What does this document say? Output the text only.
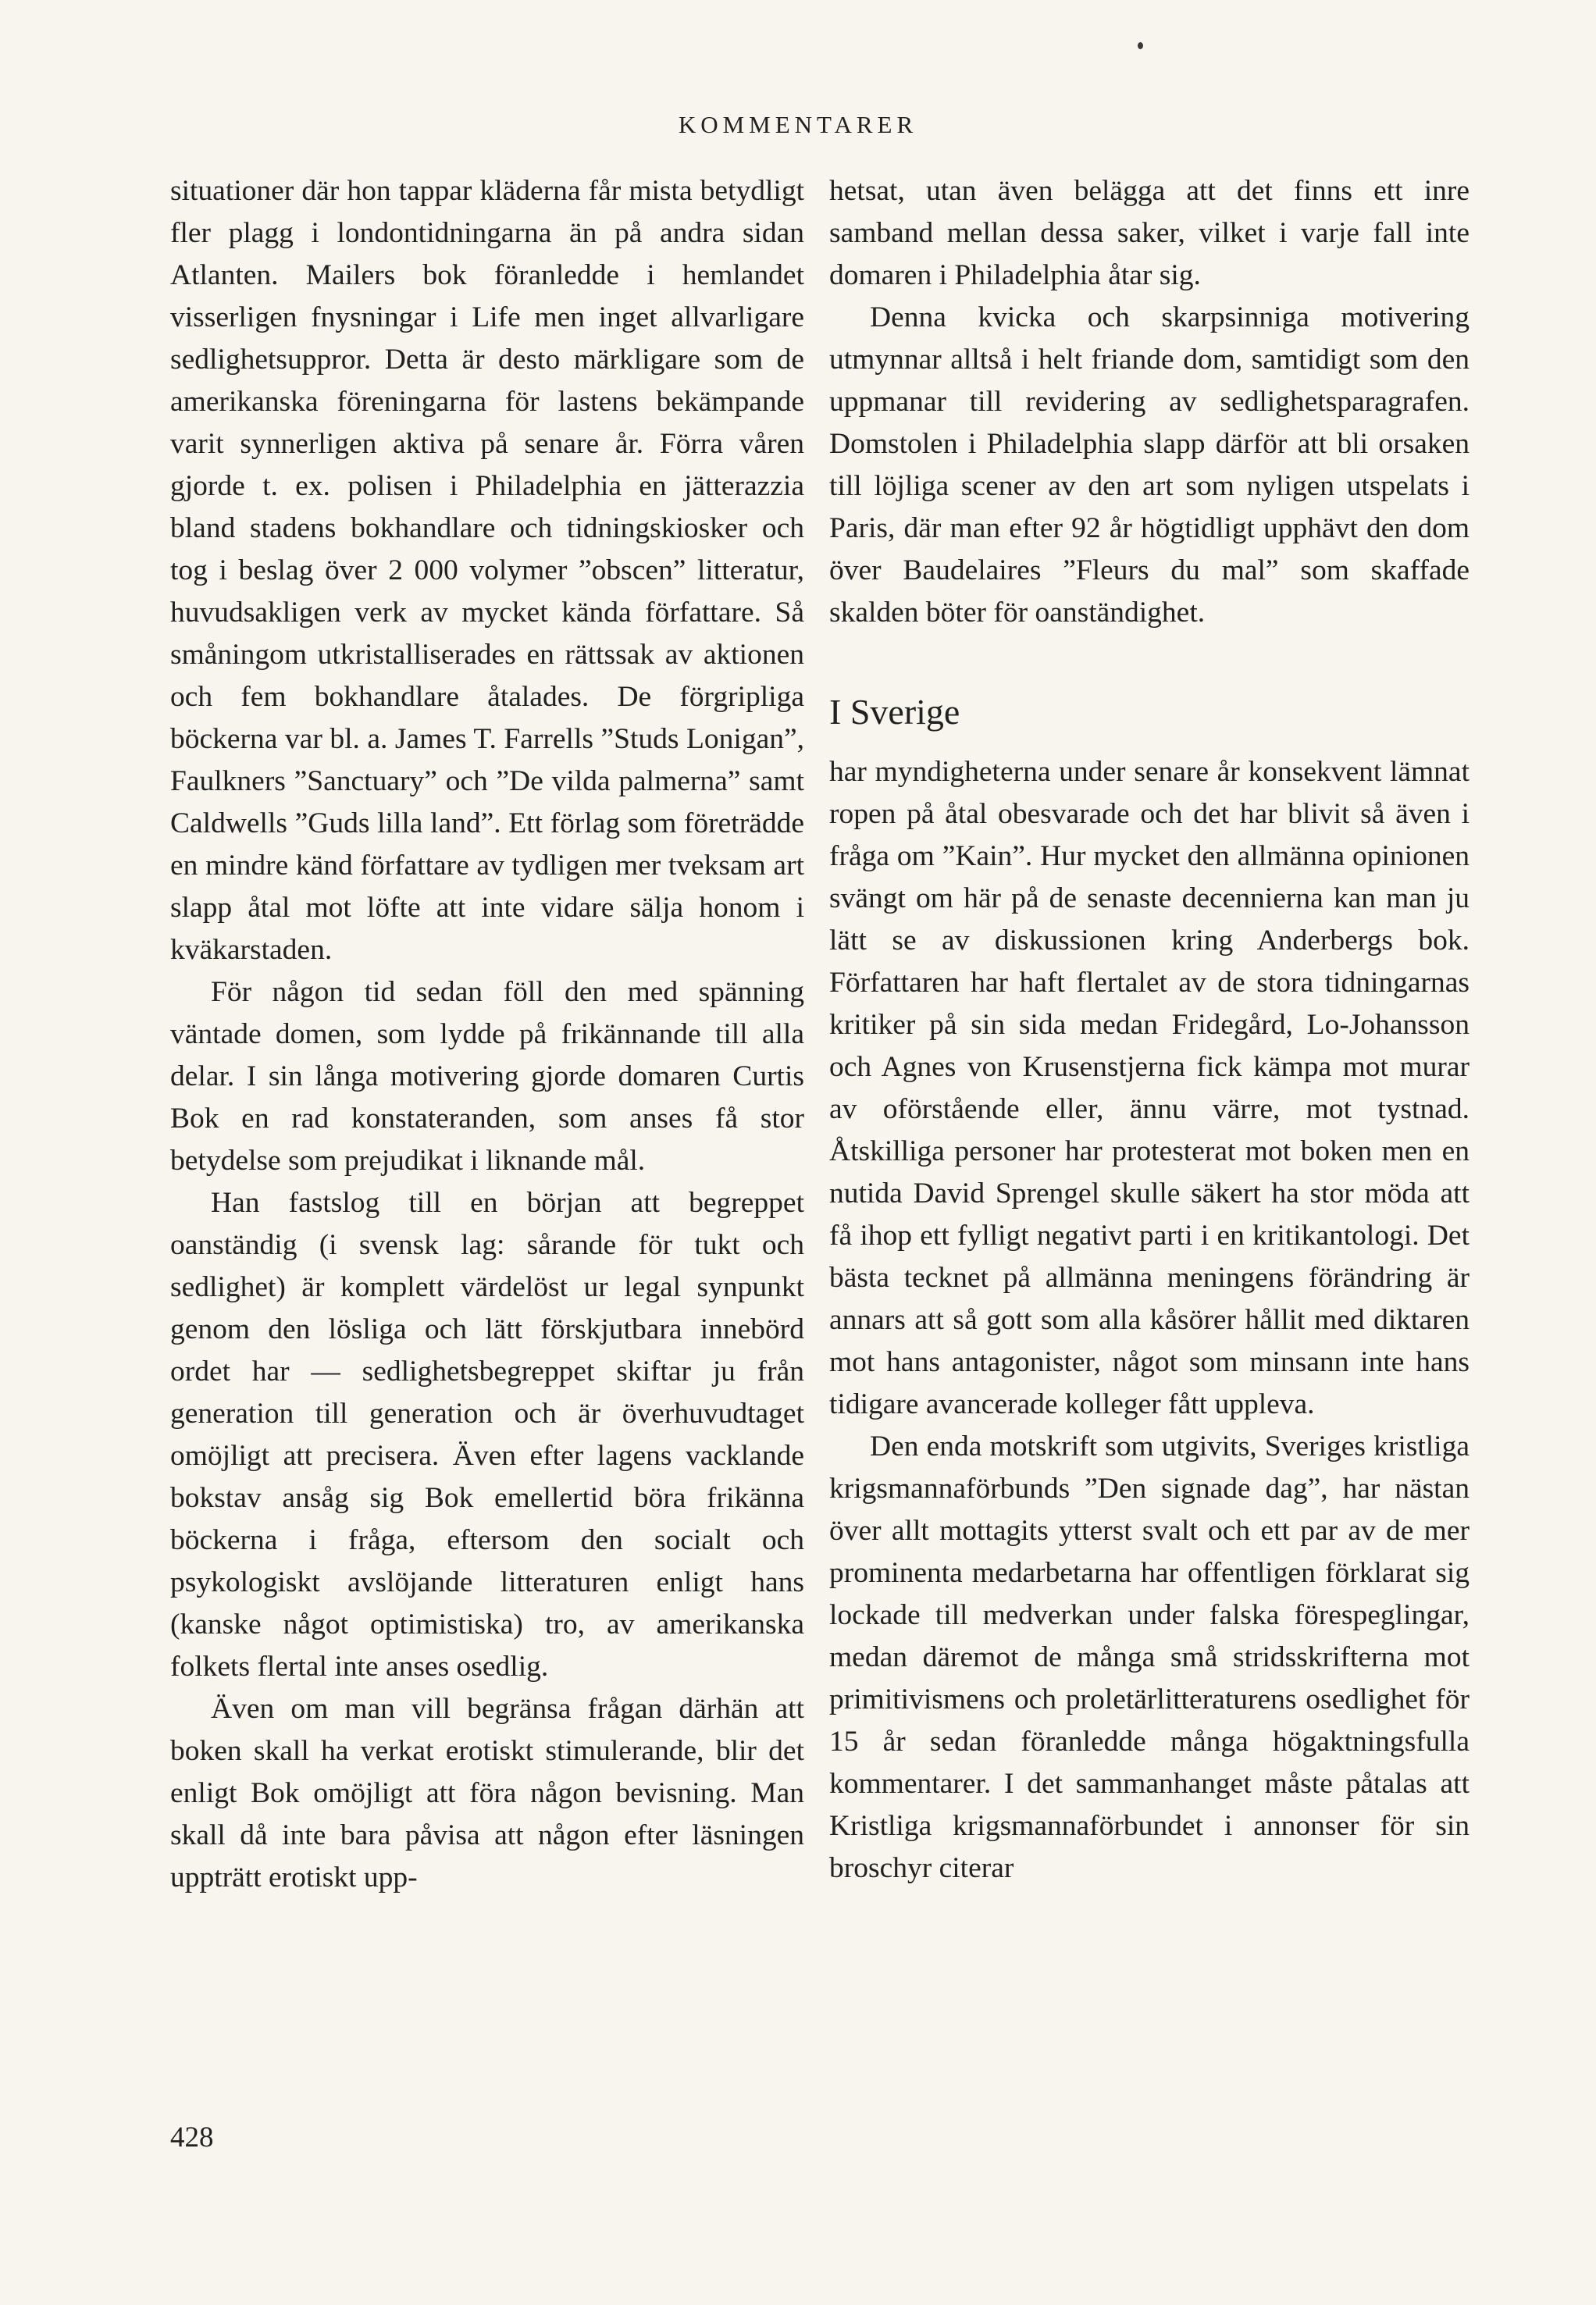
KOMMENTARER

situationer där hon tappar kläderna får mista betydligt fler plagg i londontidningarna än på andra sidan Atlanten. Mailers bok föranledde i hemlandet visserligen fnysningar i Life men inget allvarligare sedlighetsuppror. Detta är desto märkligare som de amerikanska föreningarna för lastens bekämpande varit synnerligen aktiva på senare år. Förra våren gjorde t. ex. polisen i Philadelphia en jätterazzia bland stadens bokhandlare och tidningskiosker och tog i beslag över 2 000 volymer ”obscen” litteratur, huvudsakligen verk av mycket kända författare. Så småningom utkristalliserades en rättssak av aktionen och fem bokhandlare åtalades. De förgripliga böckerna var bl. a. James T. Farrells ”Studs Lonigan”, Faulkners ”Sanctuary” och ”De vilda palmerna” samt Caldwells ”Guds lilla land”. Ett förlag som företrädde en mindre känd författare av tydligen mer tveksam art slapp åtal mot löfte att inte vidare sälja honom i kväkarstaden.

För någon tid sedan föll den med spänning väntade domen, som lydde på frikännande till alla delar. I sin långa motivering gjorde domaren Curtis Bok en rad konstateranden, som anses få stor betydelse som prejudikat i liknande mål.

Han fastslog till en början att begreppet oanständig (i svensk lag: sårande för tukt och sedlighet) är komplett värdelöst ur legal synpunkt genom den lösliga och lätt förskjutbara innebörd ordet har — sedlighetsbegreppet skiftar ju från generation till generation och är överhuvudtaget omöjligt att precisera. Även efter lagens vacklande bokstav ansåg sig Bok emellertid böra frikänna böckerna i fråga, eftersom den socialt och psykologiskt avslöjande litteraturen enligt hans (kanske något optimistiska) tro, av amerikanska folkets flertal inte anses osedlig.

Även om man vill begränsa frågan därhän att boken skall ha verkat erotiskt stimulerande, blir det enligt Bok omöjligt att föra någon bevisning. Man skall då inte bara påvisa att någon efter läsningen uppträtt erotiskt upp-

hetsat, utan även belägga att det finns ett inre samband mellan dessa saker, vilket i varje fall inte domaren i Philadelphia åtar sig.

Denna kvicka och skarpsinniga motivering utmynnar alltså i helt friande dom, samtidigt som den uppmanar till revidering av sedlighetsparagrafen. Domstolen i Philadelphia slapp därför att bli orsaken till löjliga scener av den art som nyligen utspelats i Paris, där man efter 92 år högtidligt upphävt den dom över Baudelaires ”Fleurs du mal” som skaffade skalden böter för oanständighet.

I Sverige

har myndigheterna under senare år konsekvent lämnat ropen på åtal obesvarade och det har blivit så även i fråga om ”Kain”. Hur mycket den allmänna opinionen svängt om här på de senaste decennierna kan man ju lätt se av diskussionen kring Anderbergs bok. Författaren har haft flertalet av de stora tidningarnas kritiker på sin sida medan Fridegård, Lo-Johansson och Agnes von Krusenstjerna fick kämpa mot murar av oförstående eller, ännu värre, mot tystnad. Åtskilliga personer har protesterat mot boken men en nutida David Sprengel skulle säkert ha stor möda att få ihop ett fylligt negativt parti i en kritikantologi. Det bästa tecknet på allmänna meningens förändring är annars att så gott som alla kåsörer hållit med diktaren mot hans antagonister, något som minsann inte hans tidigare avancerade kolleger fått uppleva.

Den enda motskrift som utgivits, Sveriges kristliga krigsmannaförbunds ”Den signade dag”, har nästan över allt mottagits ytterst svalt och ett par av de mer prominenta medarbetarna har offentligen förklarat sig lockade till medverkan under falska förespeglingar, medan däremot de många små stridsskrifterna mot primitivismens och proletärlitteraturens osedlighet för 15 år sedan föranledde många högaktningsfulla kommentarer. I det sammanhanget måste påtalas att Kristliga krigsmannaförbundet i annonser för sin broschyr citerar

428
